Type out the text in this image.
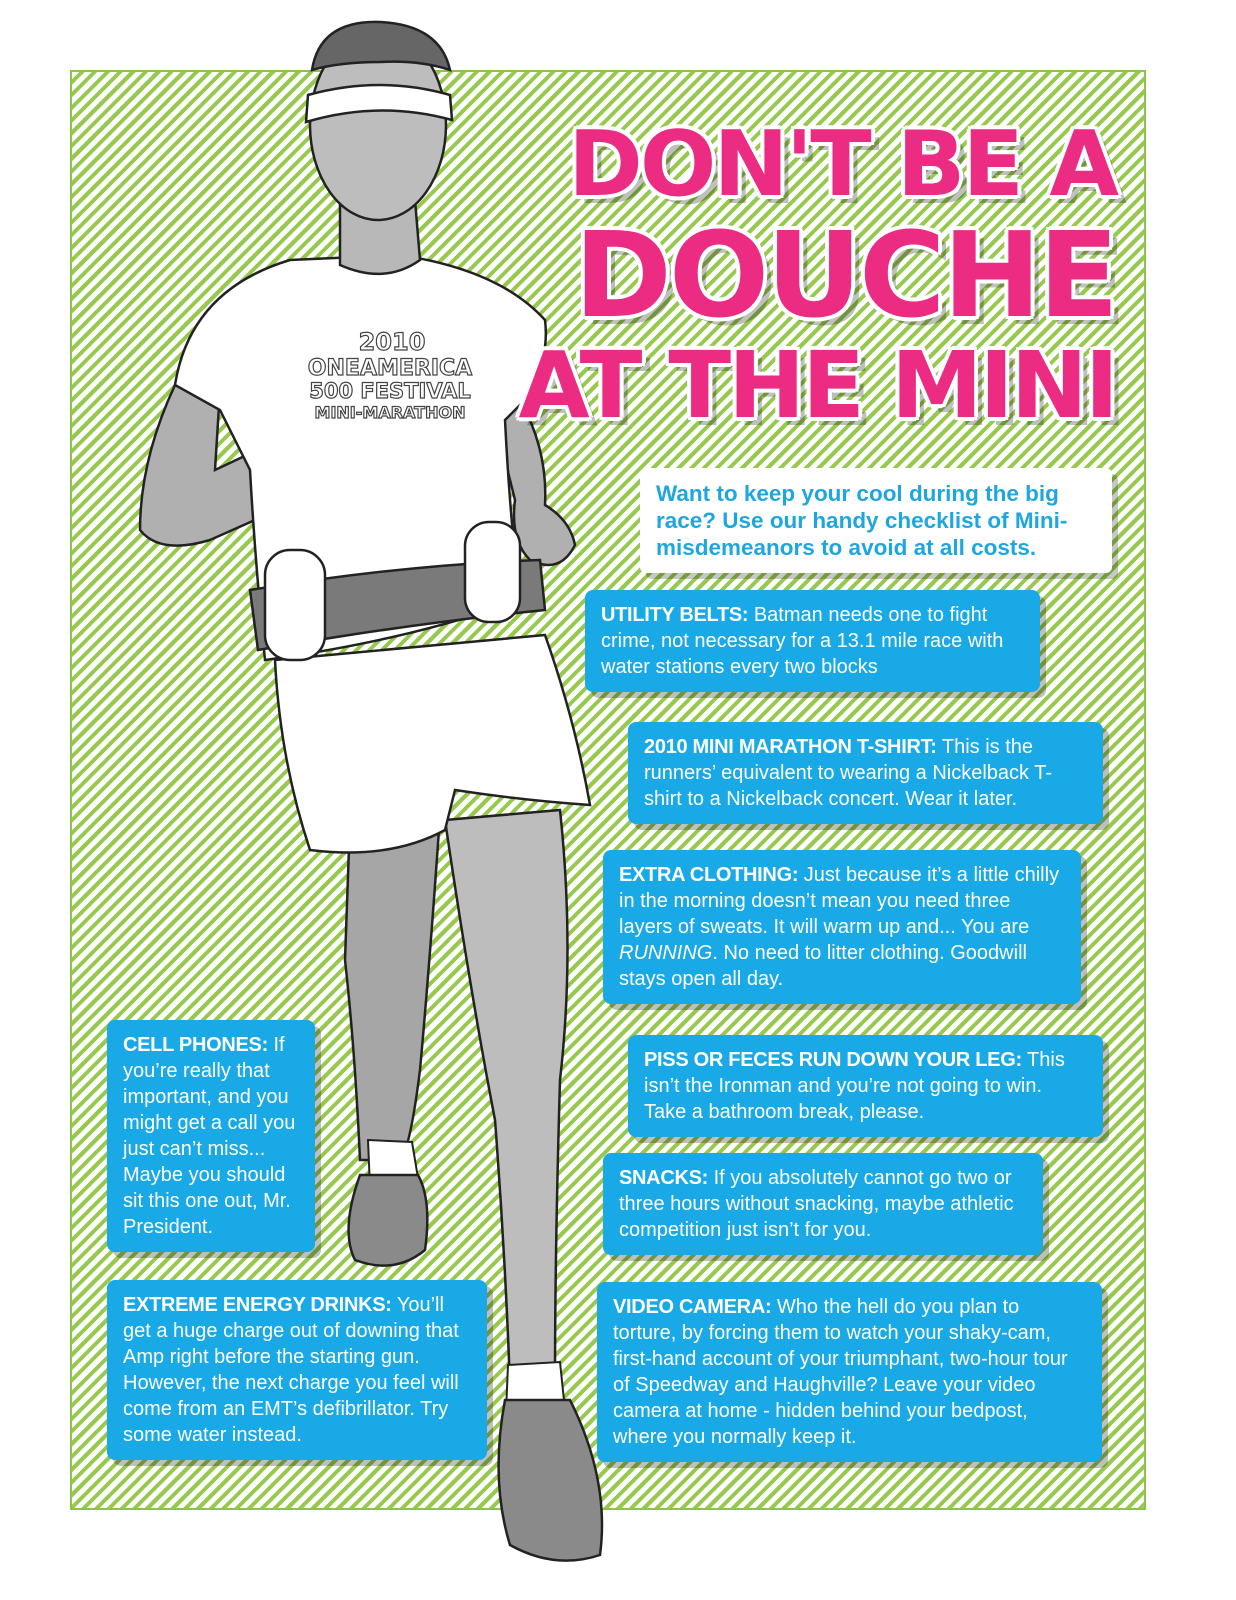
2010
ONEAMERICA
500 FESTIVAL
MINI-MARATHON
DON'T BE A
DOUCHE
AT THE MINI
Want to keep your cool during the big race? Use our handy checklist of Mini-misdemeanors to avoid at all costs.
UTILITY BELTS: Batman needs one to fight crime, not necessary for a 13.1 mile race with water stations every two blocks
2010 MINI MARATHON T-SHIRT: This is the runners’ equivalent to wearing a Nickelback T-shirt to a Nickelback concert. Wear it later.
EXTRA CLOTHING: Just because it’s a little chilly in the morning doesn’t mean you need three layers of sweats. It will warm up and... You are RUNNING. No need to litter clothing. Goodwill stays open all day.
PISS OR FECES RUN DOWN YOUR LEG: This isn’t the Ironman and you’re not going to win. Take a bathroom break, please.
SNACKS: If you absolutely cannot go two or three hours without snacking, maybe athletic competition just isn’t for you.
VIDEO CAMERA: Who the hell do you plan to torture, by forcing them to watch your shaky-cam, first-hand account of your triumphant, two-hour tour of Speedway and Haughville? Leave your video camera at home - hidden behind your bedpost, where you normally keep it.
CELL PHONES: If you’re really that important, and you might get a call you just can’t miss... Maybe you should sit this one out, Mr. President.
EXTREME ENERGY DRINKS: You’ll get a huge charge out of downing that Amp right before the starting gun. However, the next charge you feel will come from an EMT’s defibrillator. Try some water instead.
